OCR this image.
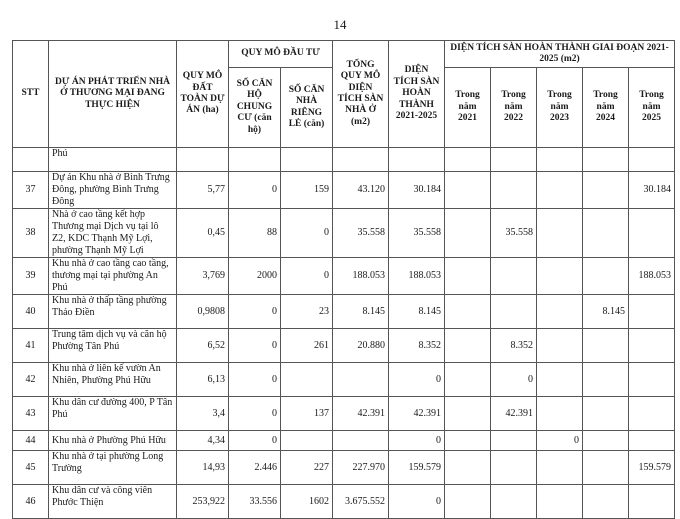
14
STT	DỰ ÁN PHÁT TRIỂN NHÀ Ở THƯƠNG MẠI ĐANG THỰC HIỆN	QUY MÔ ĐẤT TOÀN DỰ ÁN (ha)	QUY MÔ ĐẦU TƯ		TỔNG QUY MÔ DIỆN TÍCH SÀN NHÀ Ở (m2)	DIỆN TÍCH SÀN HOÀN THÀNH 2021-2025	DIỆN TÍCH SÀN HOÀN THÀNH GIAI ĐOẠN 2021-2025 (m2)				
			SỐ CĂN HỘ CHUNG CƯ (căn hộ)	SỐ CĂN NHÀ RIÊNG LẺ (căn)			Trong năm 2021	Trong năm 2022	Trong năm 2023	Trong năm 2024	Trong năm 2025
	Phú										
37	Dự án Khu nhà ở Bình Trưng Đông, phường Bình Trưng Đông	5,77	0	159	43.120	30.184					30.184
38	Nhà ở cao tầng kết hợp Thương mại Dịch vụ tại lô Z2, KDC Thạnh Mỹ Lợi, phường Thạnh Mỹ Lợi	0,45	88	0	35.558	35.558		35.558			
39	Khu nhà ở cao tầng cao tầng, thương mại tại phường An Phú	3,769	2000	0	188.053	188.053					188.053
40	Khu nhà ở thấp tầng phường Thảo Điền	0,9808	0	23	8.145	8.145				8.145	
41	Trung tâm dịch vụ và căn hộ Phường Tân Phú	6,52	0	261	20.880	8.352		8.352			
42	Khu nhà ở liên kế vườn An Nhiên, Phường Phú Hữu	6,13	0			0		0			
43	Khu dân cư đường 400, P Tân Phú	3,4	0	137	42.391	42.391		42.391			
44	Khu nhà ở Phường Phú Hữu	4,34	0			0			0		
45	Khu nhà ở tại phường Long Trường	14,93	2.446	227	227.970	159.579					159.579
46	Khu dân cư và công viên Phước Thiện	253,922	33.556	1602	3.675.552	0					
